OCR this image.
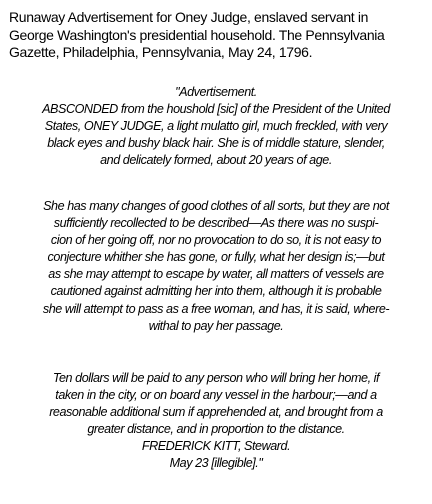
Runaway Advertisement for Oney Judge, enslaved servant in
George Washington's presidential household. The Pennsylvania
Gazette, Philadelphia, Pennsylvania, May 24, 1796.
"Advertisement.
ABSCONDED from the houshold [sic] of the President of the United
States, ONEY JUDGE, a light mulatto girl, much freckled, with very
black eyes and bushy black hair. She is of middle stature, slender,
and delicately formed, about 20 years of age.
She has many changes of good clothes of all sorts, but they are not
sufficiently recollected to be described—As there was no suspi-
cion of her going off, nor no provocation to do so, it is not easy to
conjecture whither she has gone, or fully, what her design is;—but
as she may attempt to escape by water, all matters of vessels are
cautioned against admitting her into them, although it is probable
she will attempt to pass as a free woman, and has, it is said, where-
withal to pay her passage.
Ten dollars will be paid to any person who will bring her home, if
taken in the city, or on board any vessel in the harbour;—and a
reasonable additional sum if apprehended at, and brought from a
greater distance, and in proportion to the distance.
FREDERICK KITT, Steward.
May 23 [illegible]."
